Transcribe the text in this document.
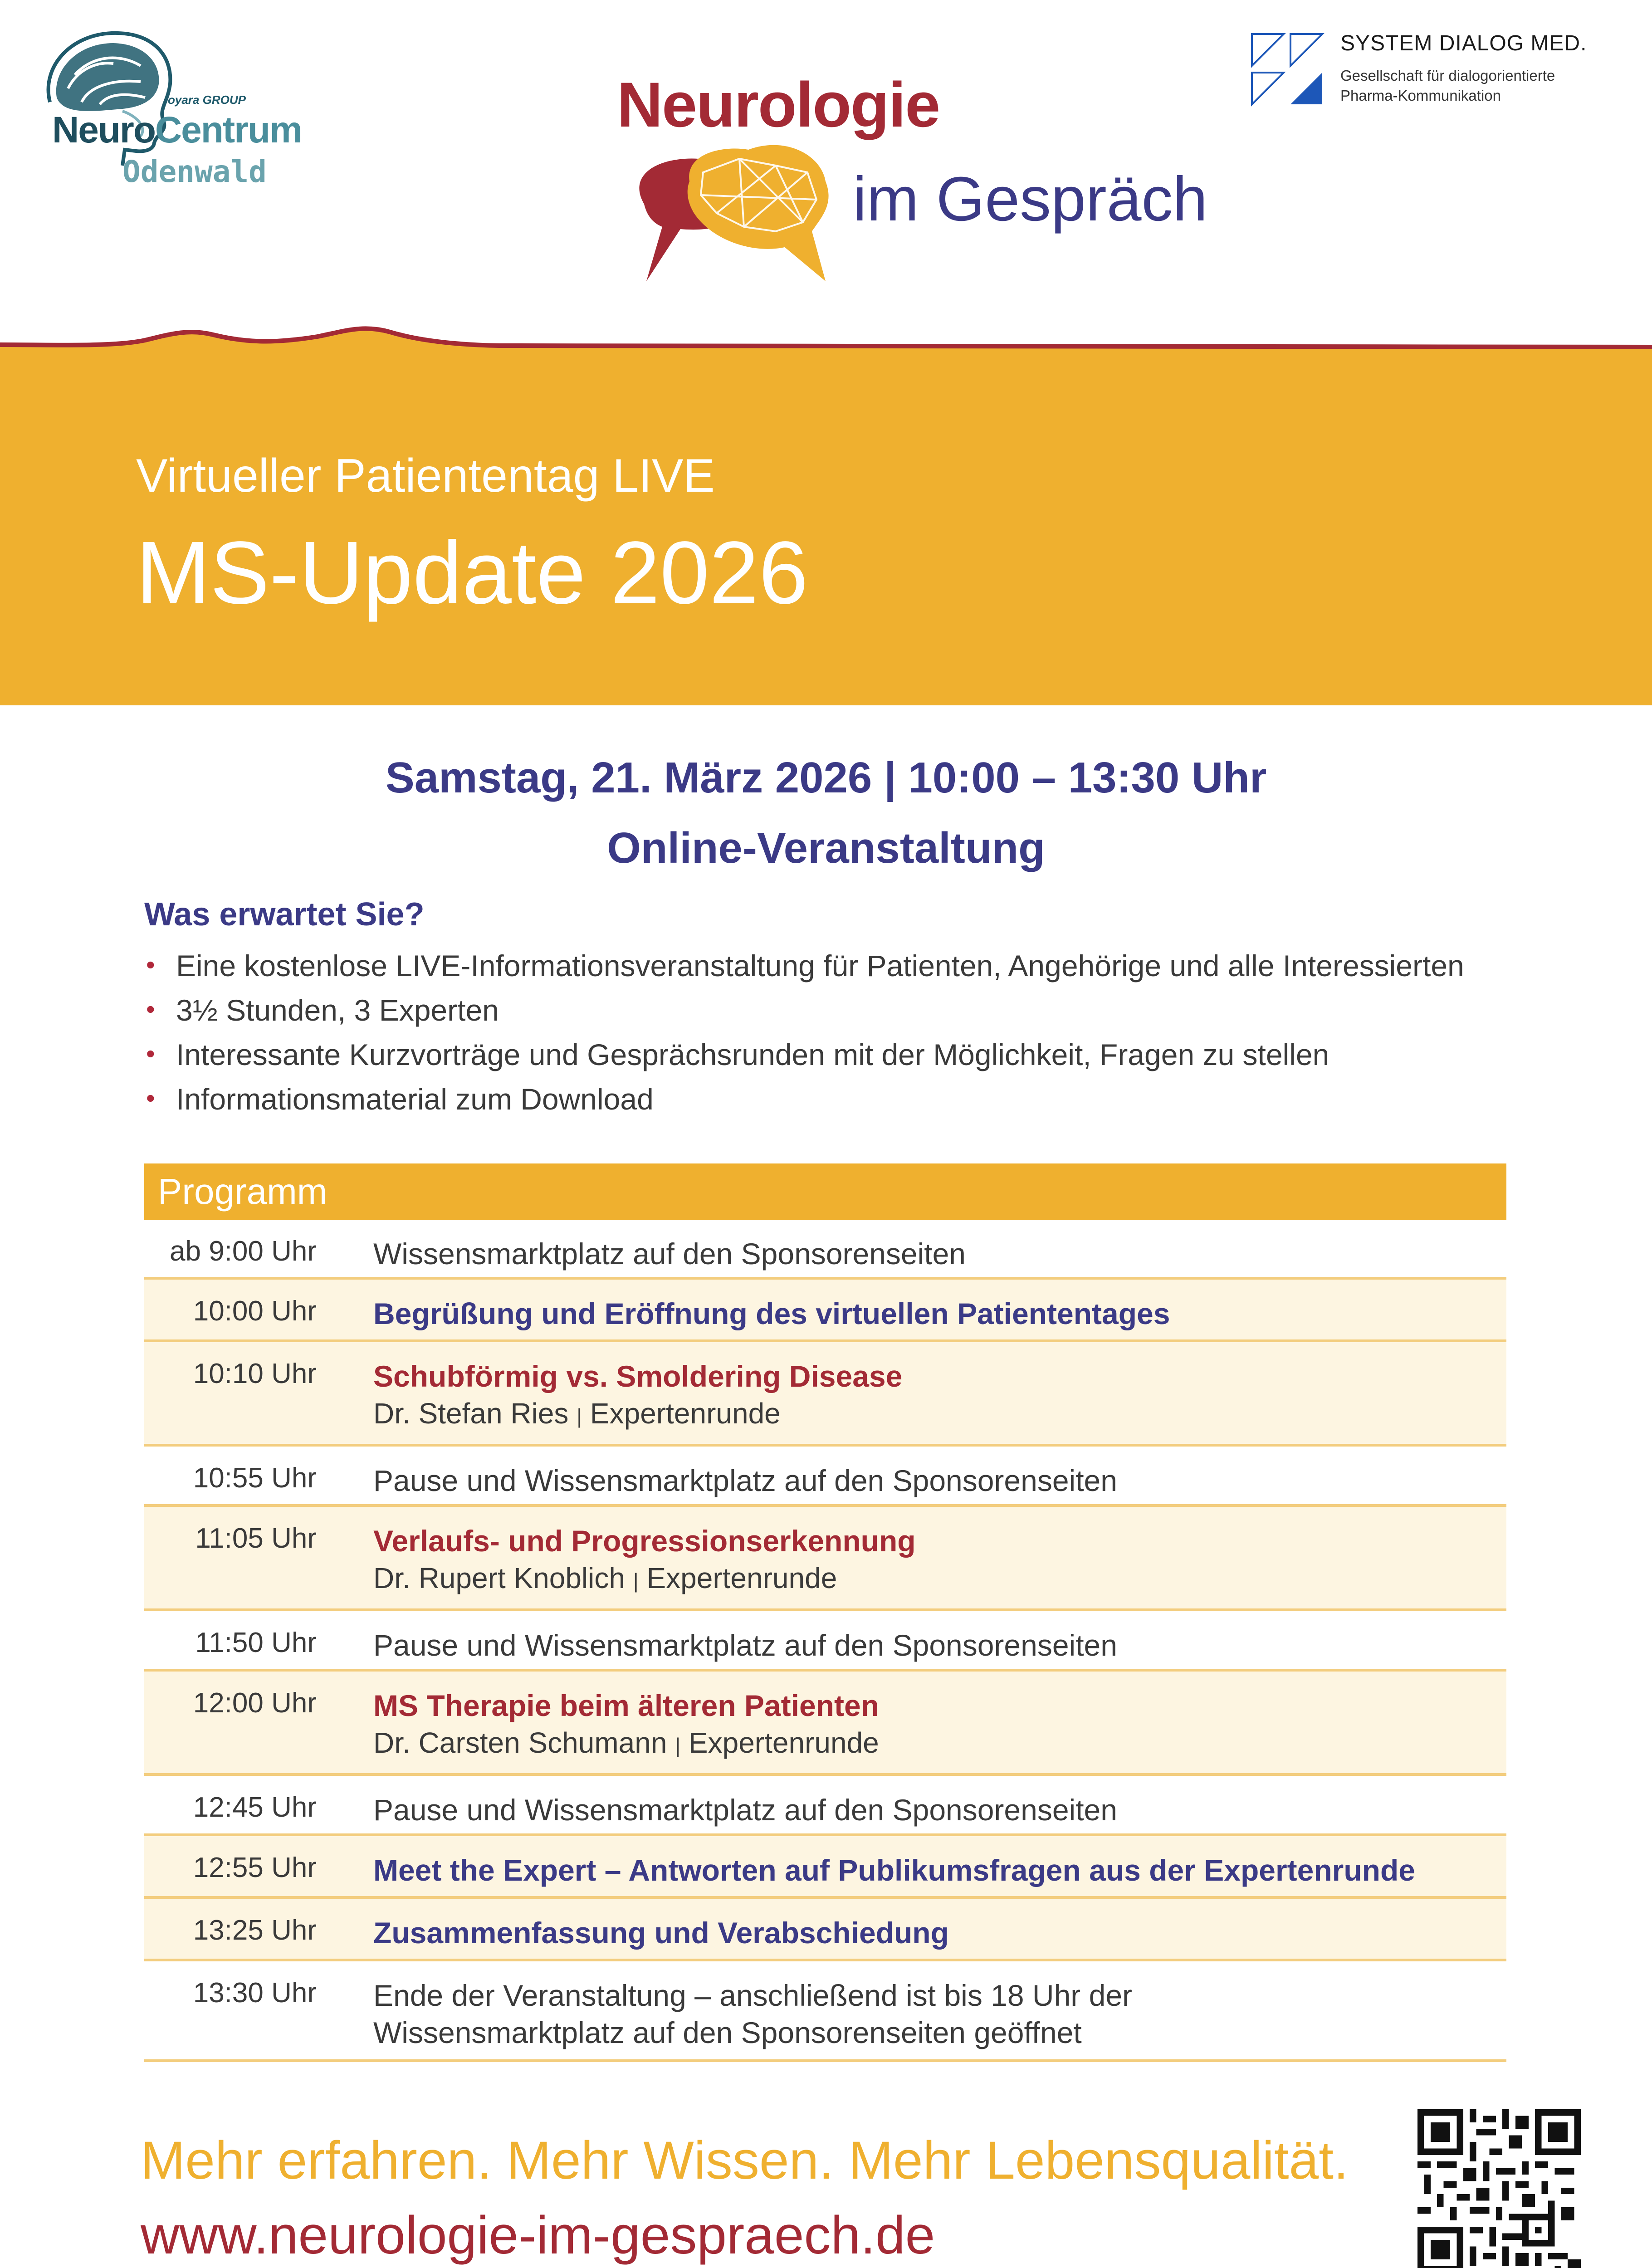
oyara GROUP
NeuroCentrum
Odenwald
Neurologie
im Gespräch
SYSTEM DIALOG MED.
Gesellschaft für dialogorientierte
Pharma-Kommunikation
Virtueller Patiententag LIVE
MS-Update 2026
Samstag, 21. März 2026 | 10:00 – 13:30 Uhr
Online-Veranstaltung
Was erwartet Sie?
• Eine kostenlose LIVE-Informationsveranstaltung für Patienten, Angehörige und alle Interessierten
• 3½ Stunden, 3 Experten
• Interessante Kurzvorträge und Gesprächsrunden mit der Möglichkeit, Fragen zu stellen
• Informationsmaterial zum Download
Programm
ab 9:00 Uhr Wissensmarktplatz auf den Sponsorenseiten
10:00 Uhr Begrüßung und Eröffnung des virtuellen Patiententages
10:10 Uhr Schubförmig vs. Smoldering Disease
Dr. Stefan Ries | Expertenrunde
10:55 Uhr Pause und Wissensmarktplatz auf den Sponsorenseiten
11:05 Uhr Verlaufs- und Progressionserkennung
Dr. Rupert Knoblich | Expertenrunde
11:50 Uhr Pause und Wissensmarktplatz auf den Sponsorenseiten
12:00 Uhr MS Therapie beim älteren Patienten
Dr. Carsten Schumann | Expertenrunde
12:45 Uhr Pause und Wissensmarktplatz auf den Sponsorenseiten
12:55 Uhr Meet the Expert – Antworten auf Publikumsfragen aus der Expertenrunde
13:25 Uhr Zusammenfassung und Verabschiedung
13:30 Uhr Ende der Veranstaltung – anschließend ist bis 18 Uhr der
Wissensmarktplatz auf den Sponsorenseiten geöffnet
Mehr erfahren. Mehr Wissen. Mehr Lebensqualität.
www.neurologie-im-gespraech.de
